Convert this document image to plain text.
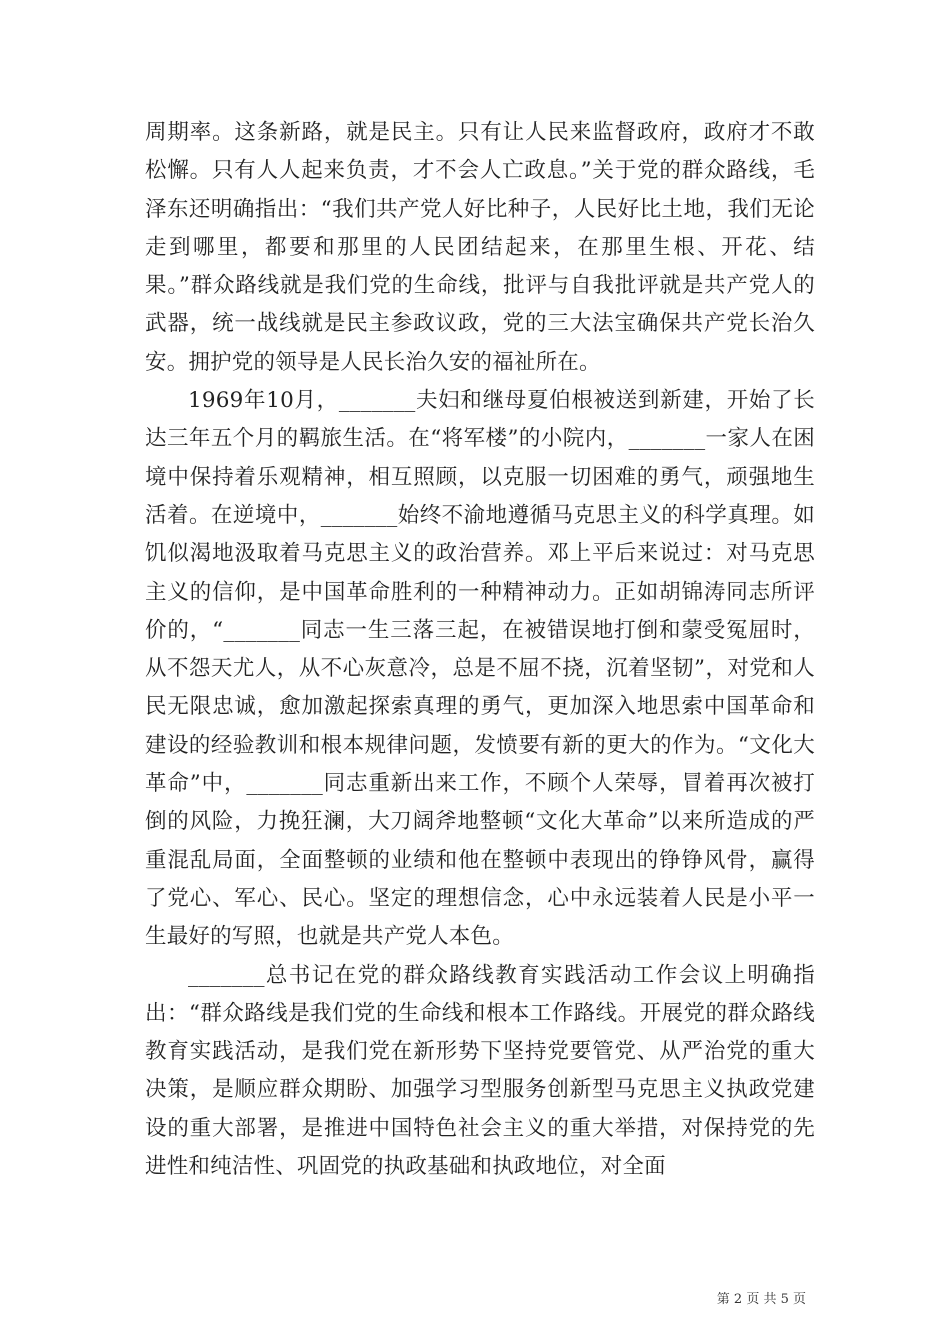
周期率。这条新路，就是民主。只有让人民来监督政府，政府才不敢松懈。只有人人起来负责，才不会人亡政息。”关于党的群众路线，毛泽东还明确指出：“我们共产党人好比种子，人民好比土地，我们无论走到哪里，都要和那里的人民团结起来，在那里生根、开花、结果。”群众路线就是我们党的生命线，批评与自我批评就是共产党人的武器，统一战线就是民主参政议政，党的三大法宝确保共产党长治久安。拥护党的领导是人民长治久安的福祉所在。

1969年10月，_______夫妇和继母夏伯根被送到新建，开始了长达三年五个月的羁旅生活。在“将军楼”的小院内，_______一家人在困境中保持着乐观精神，相互照顾，以克服一切困难的勇气，顽强地生活着。在逆境中，_______始终不渝地遵循马克思主义的科学真理。如饥似渴地汲取着马克思主义的政治营养。邓上平后来说过：对马克思主义的信仰，是中国革命胜利的一种精神动力。正如胡锦涛同志所评价的，“_______同志一生三落三起，在被错误地打倒和蒙受冤屈时，从不怨天尤人，从不心灰意冷，总是不屈不挠，沉着坚韧”，对党和人民无限忠诚，愈加激起探索真理的勇气，更加深入地思索中国革命和建设的经验教训和根本规律问题，发愤要有新的更大的作为。“文化大革命”中，_______同志重新出来工作，不顾个人荣辱，冒着再次被打倒的风险，力挽狂澜，大刀阔斧地整顿“文化大革命”以来所造成的严重混乱局面，全面整顿的业绩和他在整顿中表现出的铮铮风骨，赢得了党心、军心、民心。坚定的理想信念，心中永远装着人民是小平一生最好的写照，也就是共产党人本色。

_______总书记在党的群众路线教育实践活动工作会议上明确指出：“群众路线是我们党的生命线和根本工作路线。开展党的群众路线教育实践活动，是我们党在新形势下坚持党要管党、从严治党的重大决策，是顺应群众期盼、加强学习型服务创新型马克思主义执政党建设的重大部署，是推进中国特色社会主义的重大举措，对保持党的先进性和纯洁性、巩固党的执政基础和执政地位，对全面

第 2 页 共 5 页
